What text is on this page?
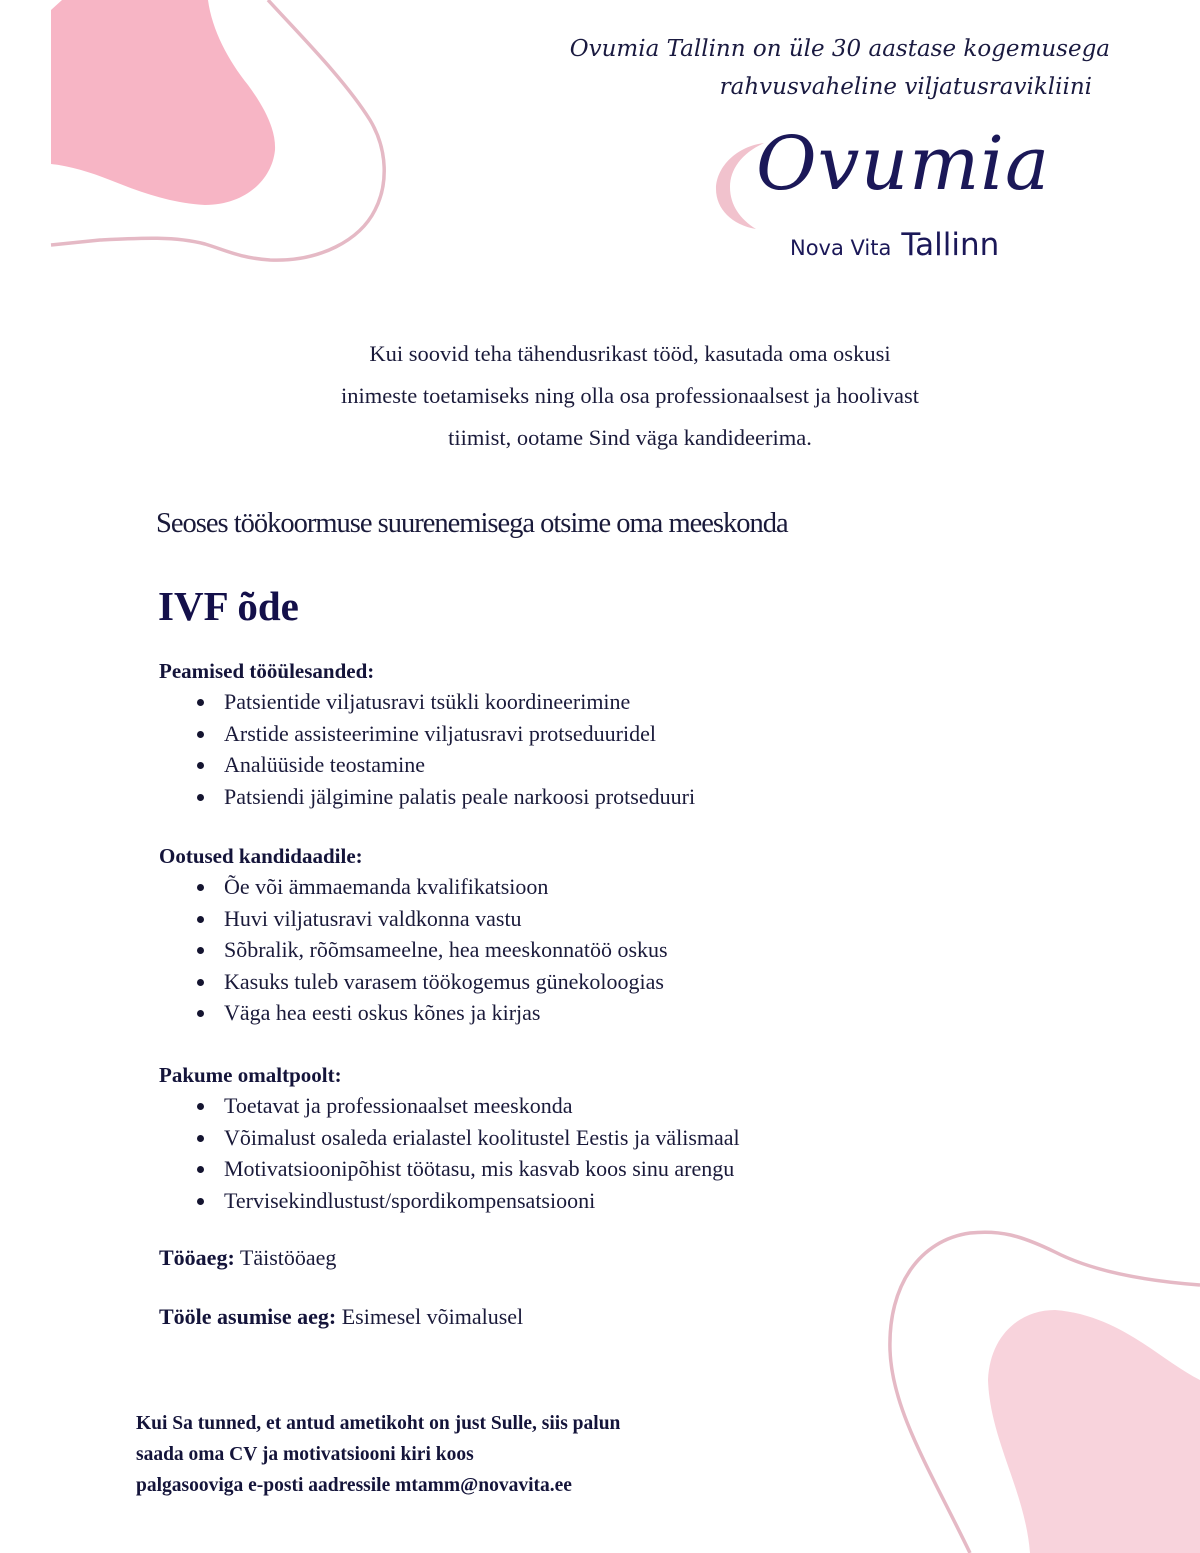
Ovumia Tallinn on üle 30 aastase kogemusega
rahvusvaheline viljatusravikliini
Ovumia
Nova Vita Tallinn
Kui soovid teha tähendusrikast tööd, kasutada oma oskusi
inimeste toetamiseks ning olla osa professionaalsest ja hoolivast
tiimist, ootame Sind väga kandideerima.
Seoses töökoormuse suurenemisega otsime oma meeskonda
IVF õde
Peamised tööülesanded:
Patsientide viljatusravi tsükli koordineerimine
Arstide assisteerimine viljatusravi protseduuridel
Analüüside teostamine
Patsiendi jälgimine palatis peale narkoosi protseduuri
Ootused kandidaadile:
Õe või ämmaemanda kvalifikatsioon
Huvi viljatusravi valdkonna vastu
Sõbralik, rõõmsameelne, hea meeskonnatöö oskus
Kasuks tuleb varasem töökogemus günekoloogias
Väga hea eesti oskus kõnes ja kirjas
Pakume omaltpoolt:
Toetavat ja professionaalset meeskonda
Võimalust osaleda erialastel koolitustel Eestis ja välismaal
Motivatsioonipõhist töötasu, mis kasvab koos sinu arengu
Tervisekindlustust/spordikompensatsiooni
Tööaeg: Täistööaeg
Tööle asumise aeg: Esimesel võimalusel
Kui Sa tunned, et antud ametikoht on just Sulle, siis palun
saada oma CV ja motivatsiooni kiri koos
palgasooviga e-posti aadressile mtamm@novavita.ee
